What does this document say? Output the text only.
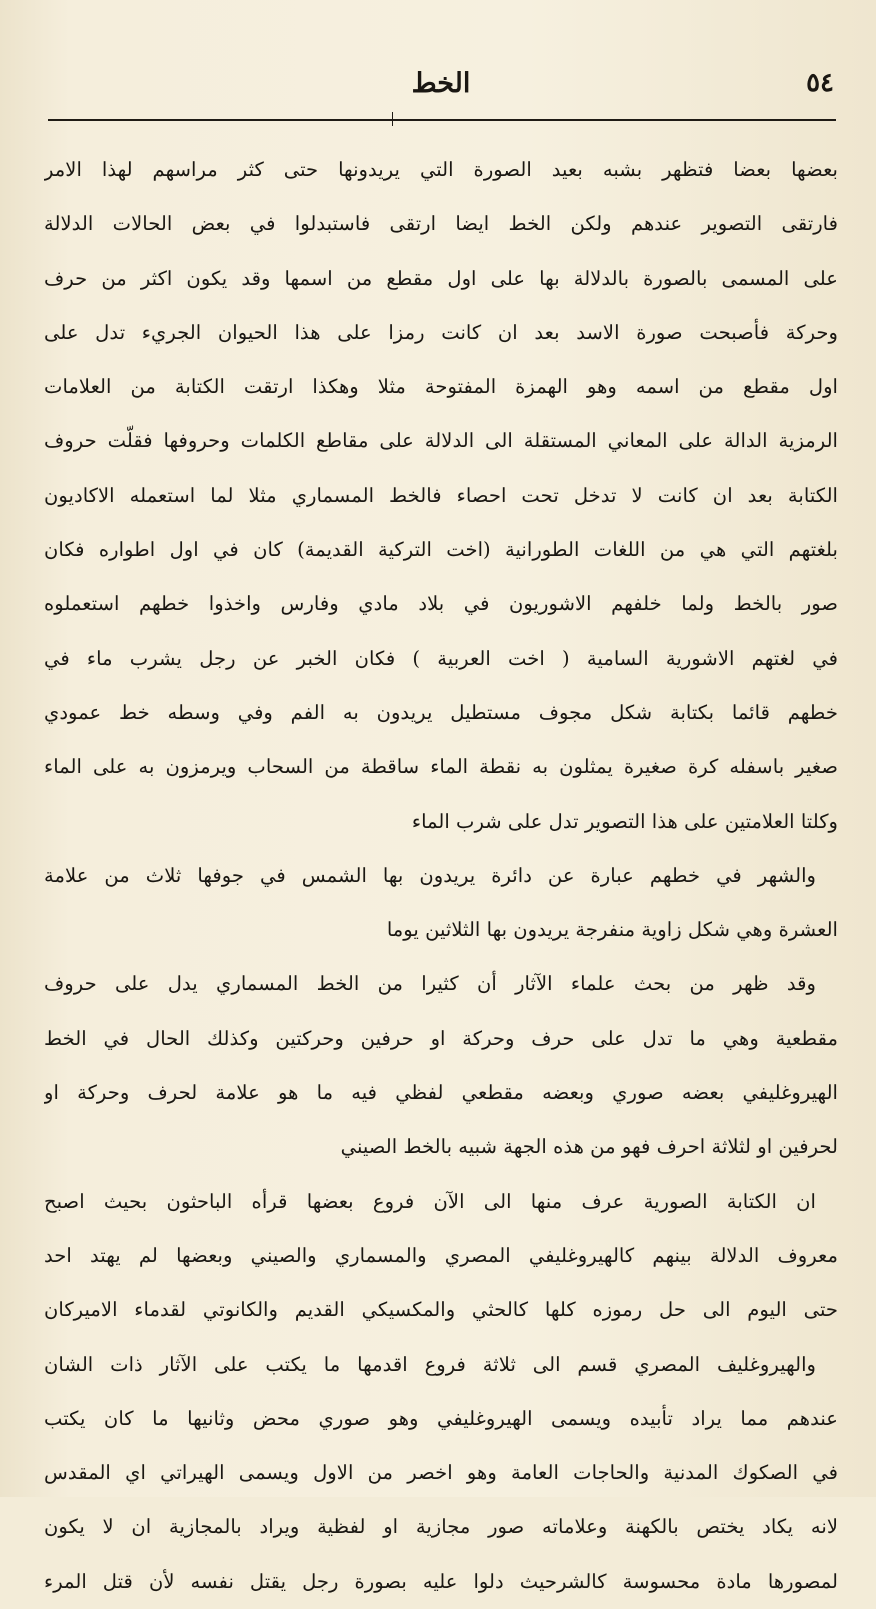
٥٤
الخط
بعضها بعضا فتظهر بشبه بعيد الصورة التي يريدونها حتى كثر مراسهم لهذا الامر
فارتقى التصوير عندهم ولكن الخط ايضا ارتقى فاستبدلوا في بعض الحالات الدلالة
على المسمى بالصورة بالدلالة بها على اول مقطع من اسمها وقد يكون اكثر من حرف
وحركة فأصبحت صورة الاسد بعد ان كانت رمزا على هذا الحيوان الجريء تدل على
اول مقطع من اسمه وهو الهمزة المفتوحة مثلا وهكذا ارتقت الكتابة من العلامات
الرمزية الدالة على المعاني المستقلة الى الدلالة على مقاطع الكلمات وحروفها فقلّت حروف
الكتابة بعد ان كانت لا تدخل تحت احصاء فالخط المسماري مثلا لما استعمله الاكاديون
بلغتهم التي هي من اللغات الطورانية (اخت التركية القديمة) كان في اول اطواره فكان
صور بالخط ولما خلفهم الاشوريون في بلاد مادي وفارس واخذوا خطهم استعملوه
في لغتهم الاشورية السامية ( اخت العربية ) فكان الخبر عن رجل يشرب ماء في
خطهم قائما بكتابة شكل مجوف مستطيل يريدون به الفم وفي وسطه خط عمودي
صغير باسفله كرة صغيرة يمثلون به نقطة الماء ساقطة من السحاب ويرمزون به على الماء
وكلتا العلامتين على هذا التصوير تدل على شرب الماء
والشهر في خطهم عبارة عن دائرة يريدون بها الشمس في جوفها ثلاث من علامة
العشرة وهي شكل زاوية منفرجة يريدون بها الثلاثين يوما
وقد ظهر من بحث علماء الآثار أن كثيرا من الخط المسماري يدل على حروف
مقطعية وهي ما تدل على حرف وحركة او حرفين وحركتين وكذلك الحال في الخط
الهيروغليفي بعضه صوري وبعضه مقطعي لفظي فيه ما هو علامة لحرف وحركة او
لحرفين او لثلاثة احرف فهو من هذه الجهة شبيه بالخط الصيني
ان الكتابة الصورية عرف منها الى الآن فروع بعضها قرأه الباحثون بحيث اصبح
معروف الدلالة بينهم كالهيروغليفي المصري والمسماري والصيني وبعضها لم يهتد احد
حتى اليوم الى حل رموزه كلها كالحثي والمكسيكي القديم والكانوتي لقدماء الاميركان
والهيروغليف المصري قسم الى ثلاثة فروع اقدمها ما يكتب على الآثار ذات الشان
عندهم مما يراد تأبيده ويسمى الهيروغليفي وهو صوري محض وثانيها ما كان يكتب
في الصكوك المدنية والحاجات العامة وهو اخصر من الاول ويسمى الهيراتي اي المقدس
لانه يكاد يختص بالكهنة وعلاماته صور مجازية او لفظية ويراد بالمجازية ان لا يكون
لمصورها مادة محسوسة كالشرحيث دلوا عليه بصورة رجل يقتل نفسه لأن قتل المرء
